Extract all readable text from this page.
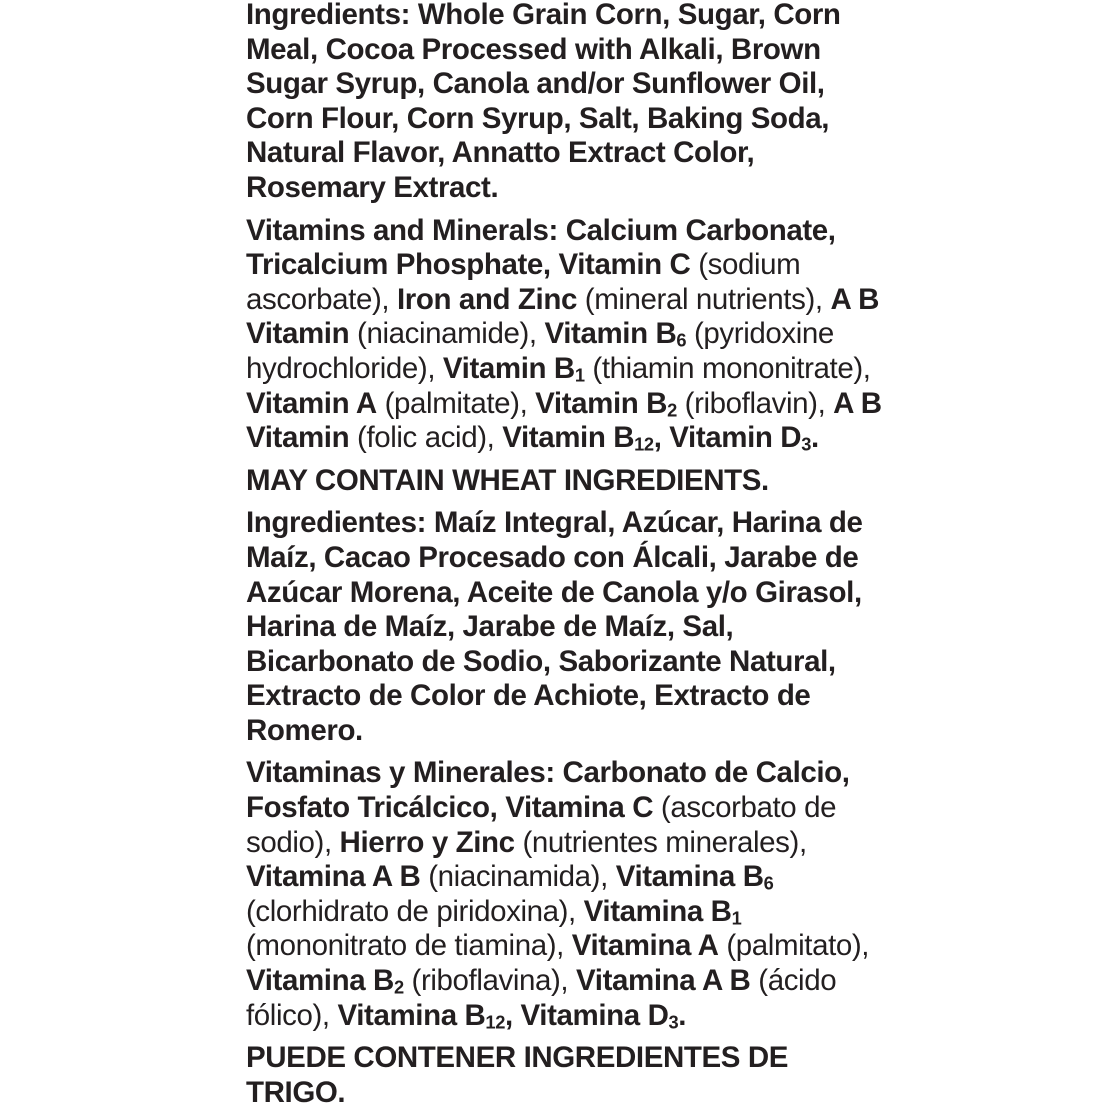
Ingredients: Whole Grain Corn, Sugar, Corn
Meal, Cocoa Processed with Alkali, Brown
Sugar Syrup, Canola and/or Sunflower Oil,
Corn Flour, Corn Syrup, Salt, Baking Soda,
Natural Flavor, Annatto Extract Color,
Rosemary Extract.

Vitamins and Minerals: Calcium Carbonate,
Tricalcium Phosphate, Vitamin C (sodium
ascorbate), Iron and Zinc (mineral nutrients), A B
Vitamin (niacinamide), Vitamin $B_6$ (pyridoxine
hydrochloride), Vitamin $B_1$ (thiamin mononitrate),
Vitamin A (palmitate), Vitamin $B_2$ (riboflavin), A B
Vitamin (folic acid), Vitamin $B_{12}$, Vitamin $D_3$.

MAY CONTAIN WHEAT INGREDIENTS.

Ingredientes: Maíz Integral, Azúcar, Harina de
Maíz, Cacao Procesado con Álcali, Jarabe de
Azúcar Morena, Aceite de Canola y/o Girasol,
Harina de Maíz, Jarabe de Maíz, Sal,
Bicarbonato de Sodio, Saborizante Natural,
Extracto de Color de Achiote, Extracto de
Romero.

Vitaminas y Minerales: Carbonato de Calcio,
Fosfato Tricálcico, Vitamina C (ascorbato de
sodio), Hierro y Zinc (nutrientes minerales),
Vitamina A B (niacinamida), Vitamina $B_6$
(clorhidrato de piridoxina), Vitamina $B_1$
(mononitrato de tiamina), Vitamina A (palmitato),
Vitamina $B_2$ (riboflavina), Vitamina A B (ácido
fólico), Vitamina $B_{12}$, Vitamina $D_3$.

PUEDE CONTENER INGREDIENTES DE
TRIGO.
